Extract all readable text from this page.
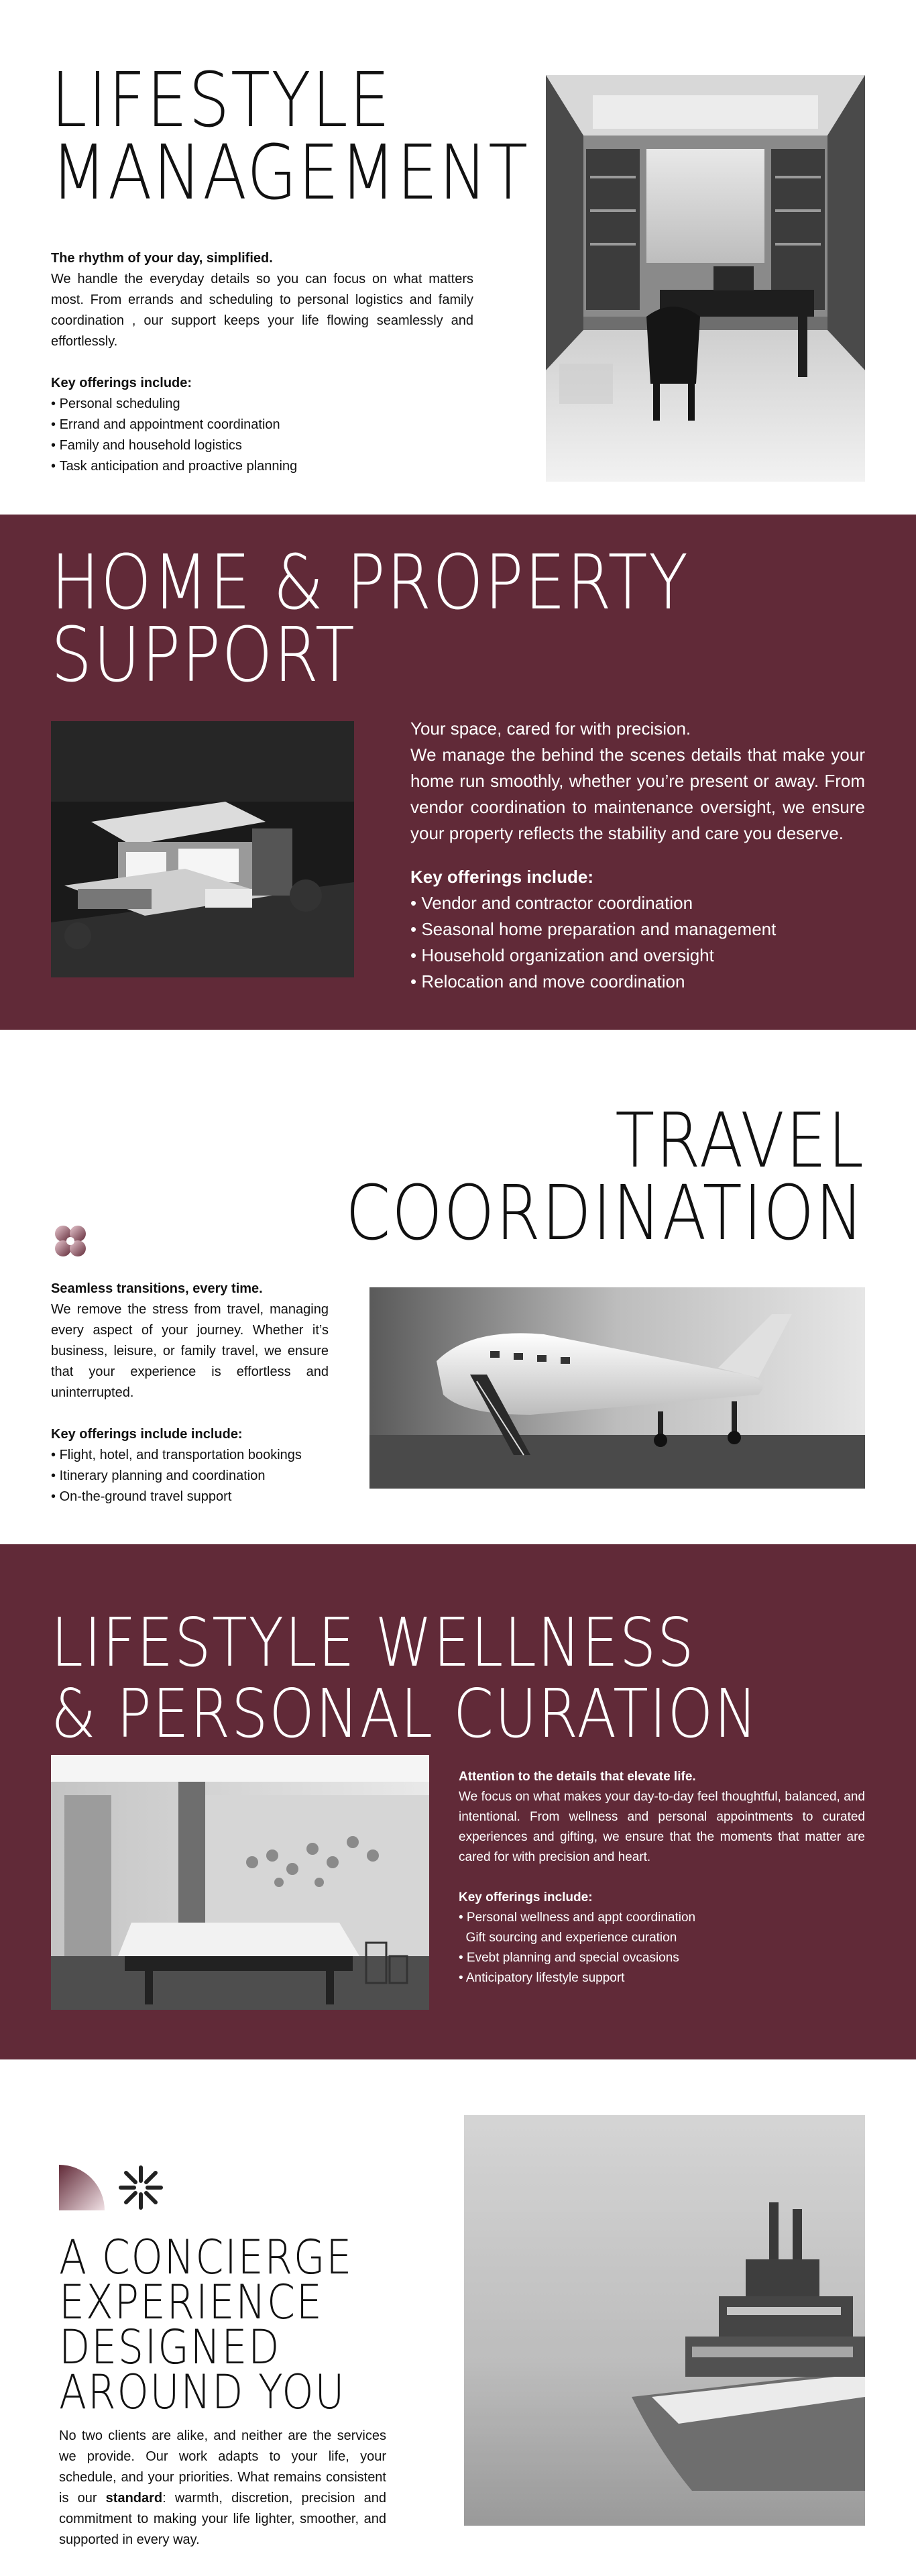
LIFESTYLE
MANAGEMENT

The rhythm of your day, simplified.

We handle the everyday details so you can focus on what matters most. From errands and scheduling to personal logistics and family coordination , our support keeps your life flowing seamlessly and effortlessly.

Key offerings include:

• Personal scheduling
• Errand and appointment coordination
• Family and household logistics
• Task anticipation and proactive planning
HOME & PROPERTY
SUPPORT

Your space, cared for with precision.

We manage the behind the scenes details that make your home run smoothly, whether you’re present or away. From vendor coordination to maintenance oversight, we ensure your property reflects the stability and care you deserve.

Key offerings include:

• Vendor and contractor coordination
• Seasonal home preparation and management
• Household organization and oversight
• Relocation and move coordination
TRAVEL
COORDINATION

Seamless transitions, every time.

We remove the stress from travel, managing every aspect of your journey. Whether it’s business, leisure, or family travel, we ensure that your experience is effortless and uninterrupted.

Key offerings include include:

• Flight, hotel, and transportation bookings
• Itinerary planning and coordination
• On-the-ground travel support
LIFESTYLE WELLNESS
& PERSONAL CURATION

Attention to the details that elevate life.

We focus on what makes your day-to-day feel thoughtful, balanced, and intentional. From wellness and personal appointments to curated experiences and gifting, we ensure that the moments that matter are cared for with precision and heart.

Key offerings include:

• Personal wellness and appt coordination
Gift sourcing and experience curation
• Evebt planning and special ovcasions
• Anticipatory lifestyle support
A CONCIERGE
EXPERIENCE
DESIGNED
AROUND YOU

No two clients are alike, and neither are the services we provide. Our work adapts to your life, your schedule, and your priorities. What remains consistent is our standard: warmth, discretion, precision and commitment to making your life lighter, smoother, and supported in every way.
